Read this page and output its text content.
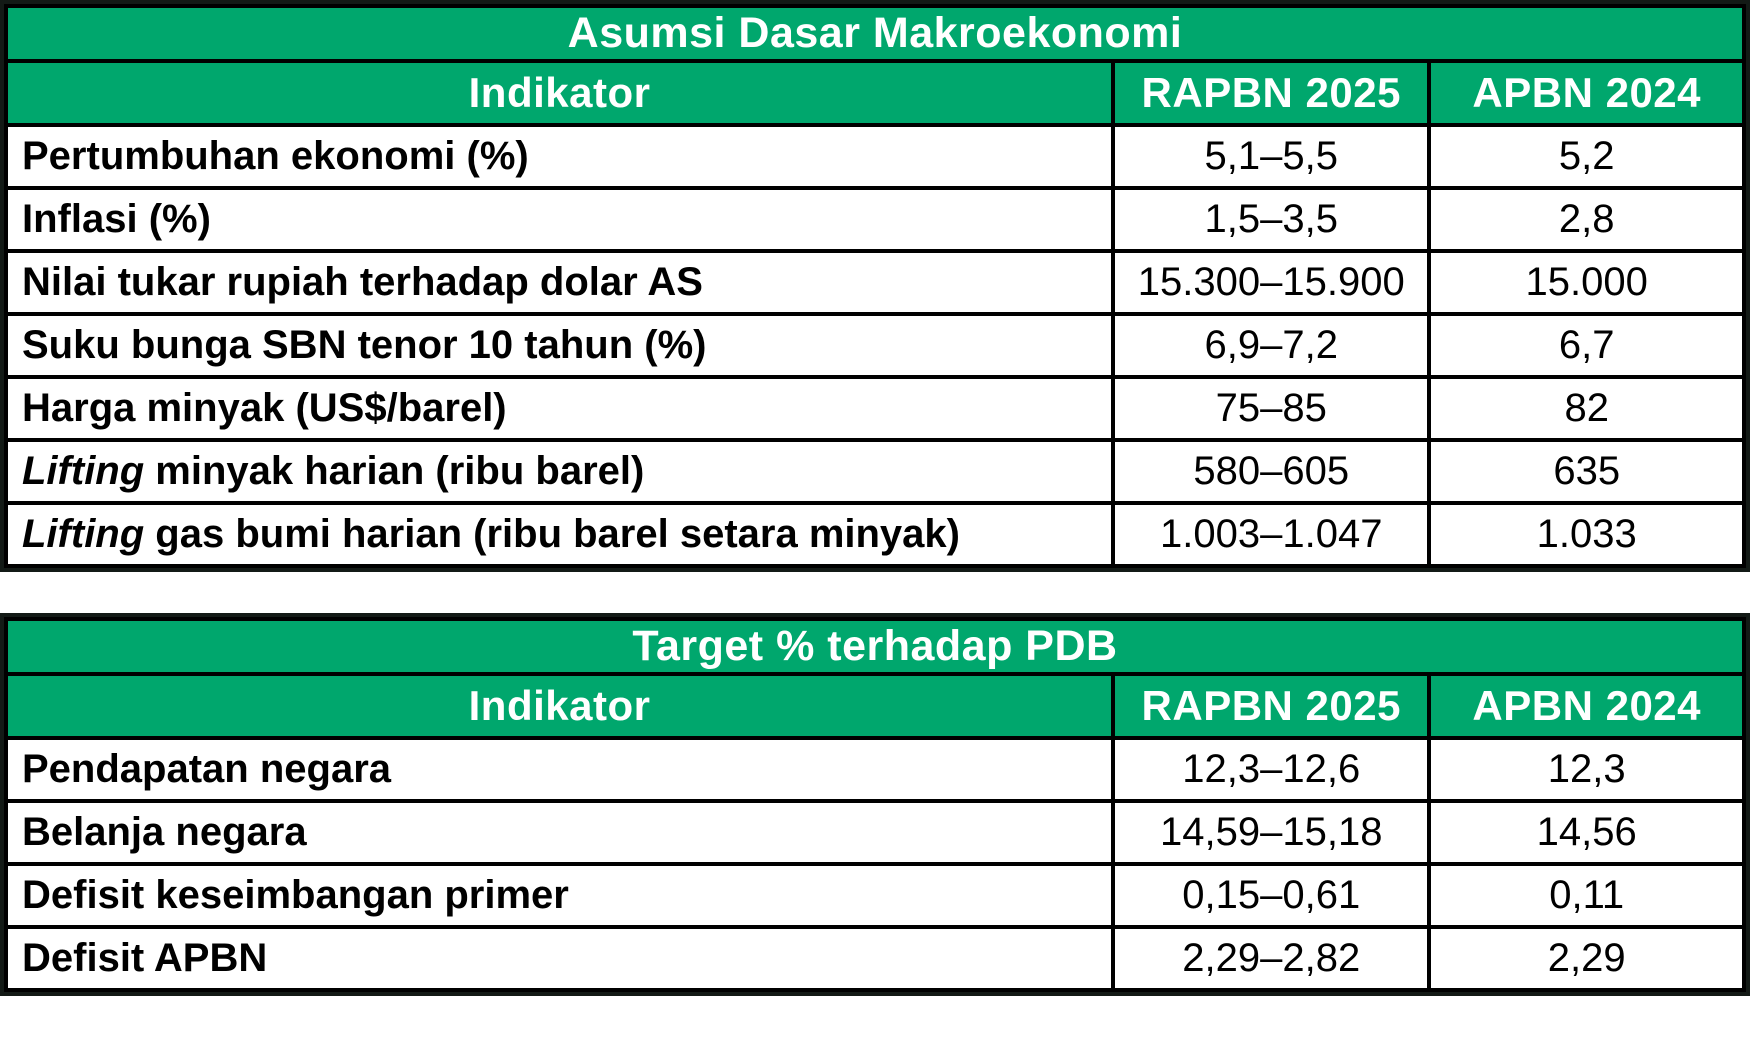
Asumsi Dasar Makroekonomi		
Indikator	RAPBN 2025	APBN 2024
Pertumbuhan ekonomi (%)	5,1–5,5	5,2
Inflasi (%)	1,5–3,5	2,8
Nilai tukar rupiah terhadap dolar AS	15.300–15.900	15.000
Suku bunga SBN tenor 10 tahun (%)	6,9–7,2	6,7
Harga minyak (US$/barel)	75–85	82
Lifting minyak harian (ribu barel)	580–605	635
Lifting gas bumi harian (ribu barel setara minyak)	1.003–1.047	1.033
Target % terhadap PDB		
Indikator	RAPBN 2025	APBN 2024
Pendapatan negara	12,3–12,6	12,3
Belanja negara	14,59–15,18	14,56
Defisit keseimbangan primer	0,15–0,61	0,11
Defisit APBN	2,29–2,82	2,29
